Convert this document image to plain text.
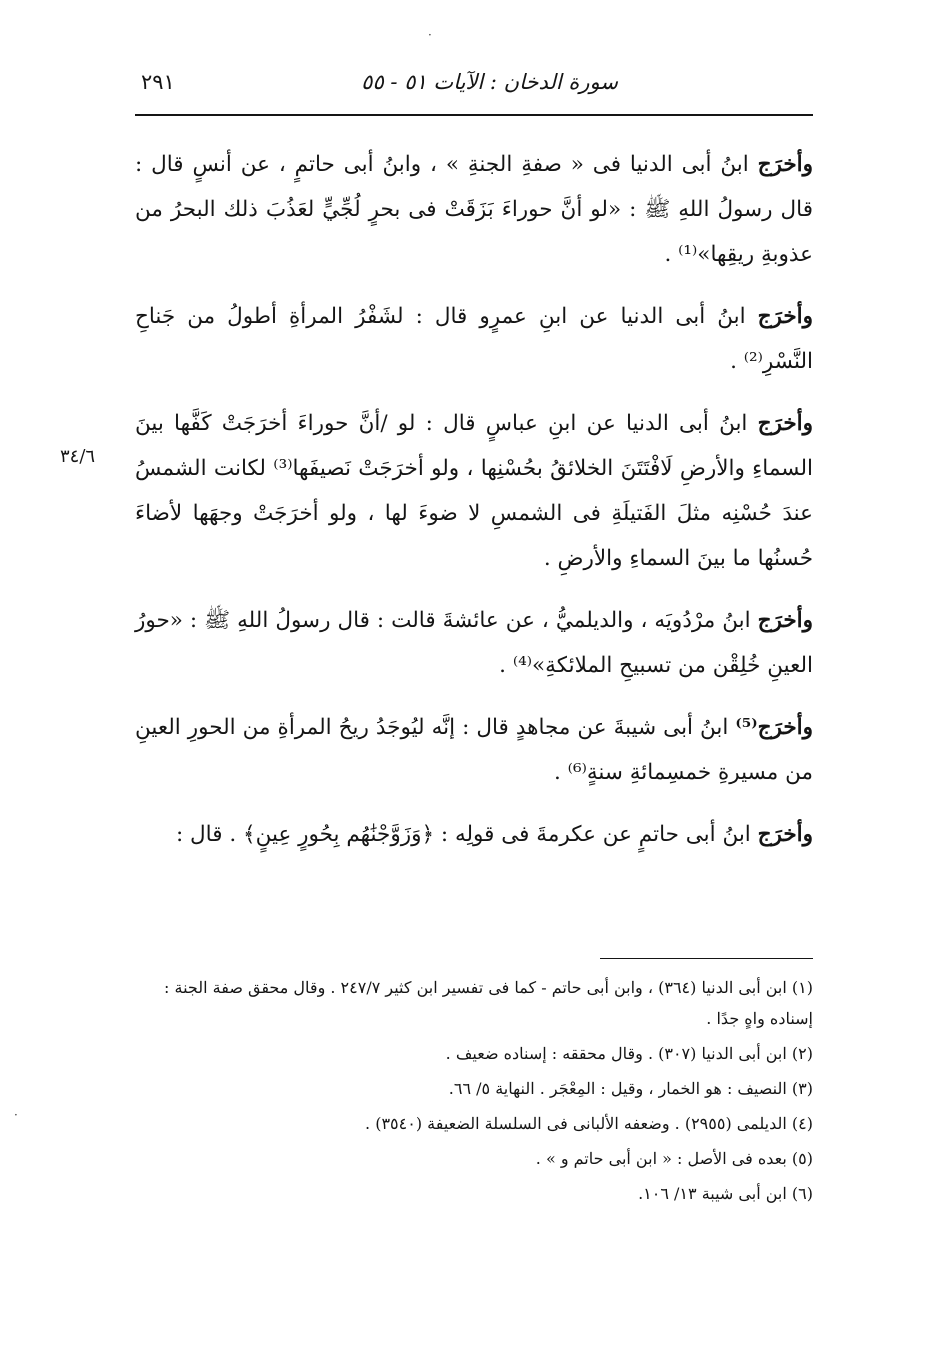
سورة الدخان : الآيات ٥١ - ٥٥
٢٩١
٣٤/٦

وأخرَج ابنُ أبى الدنيا فى « صفةِ الجنةِ » ، وابنُ أبى حاتمٍ ، عن أنسٍ قال : قال رسولُ اللهِ ﷺ : «لو أنَّ حوراءَ بَزَقَتْ فى بحرٍ لُجِّيٍّ لعَذُبَ ذلك البحرُ من عذوبةِ ريقِها»⁽¹⁾ .

وأخرَج ابنُ أبى الدنيا عن ابنِ عمرٍو قال : لشَفْرُ المرأةِ أطولُ من جَناحِ النَّسْرِ⁽²⁾ .

وأخرَج ابنُ أبى الدنيا عن ابنِ عباسٍ قال : لو /أنَّ حوراءَ أخرَجَتْ كَفَّها بينَ السماءِ والأرضِ لَافْتَتَنَ الخلائقُ بحُسْنِها ، ولو أخرَجَتْ نَصيفَها⁽³⁾ لكانت الشمسُ عندَ حُسْنِه مثلَ الفَتيلَةِ فى الشمسِ لا ضوءَ لها ، ولو أخرَجَتْ وجهَها لأضاءَ حُسنُها ما بينَ السماءِ والأرضِ .

وأخرَج ابنُ مرْدُويَه ، والديلميُّ ، عن عائشةَ قالت : قال رسولُ اللهِ ﷺ : «حورُ العينِ خُلِقْن من تسبيحِ الملائكةِ»⁽⁴⁾ .

وأخرَج⁽⁵⁾ ابنُ أبى شيبةَ عن مجاهدٍ قال : إنَّه ليُوجَدُ ريحُ المرأةِ من الحورِ العينِ من مسيرةِ خمسِمائةِ سنةٍ⁽⁶⁾ .

وأخرَج ابنُ أبى حاتمٍ عن عكرمةَ فى قولِه : ﴿وَزَوَّجْنَٰهُم بِحُورٍ عِينٍ﴾ . قال :

(١) ابن أبى الدنيا (٣٦٤) ، وابن أبى حاتم - كما فى تفسير ابن كثير ٢٤٧/٧ . وقال محقق صفة الجنة : إسناده واهٍ جدًا .

(٢) ابن أبى الدنيا (٣٠٧) . وقال محققه : إسناده ضعيف .

(٣) النصيف : هو الخمار ، وقيل : المِعْجَر . النهاية ٥/ ٦٦.

(٤) الديلمى (٢٩٥٥) . وضعفه الألبانى فى السلسلة الضعيفة (٣٥٤٠) .

(٥) بعده فى الأصل : « ابن أبى حاتم و » .

(٦) ابن أبى شيبة ١٣/ ١٠٦.

·
·
